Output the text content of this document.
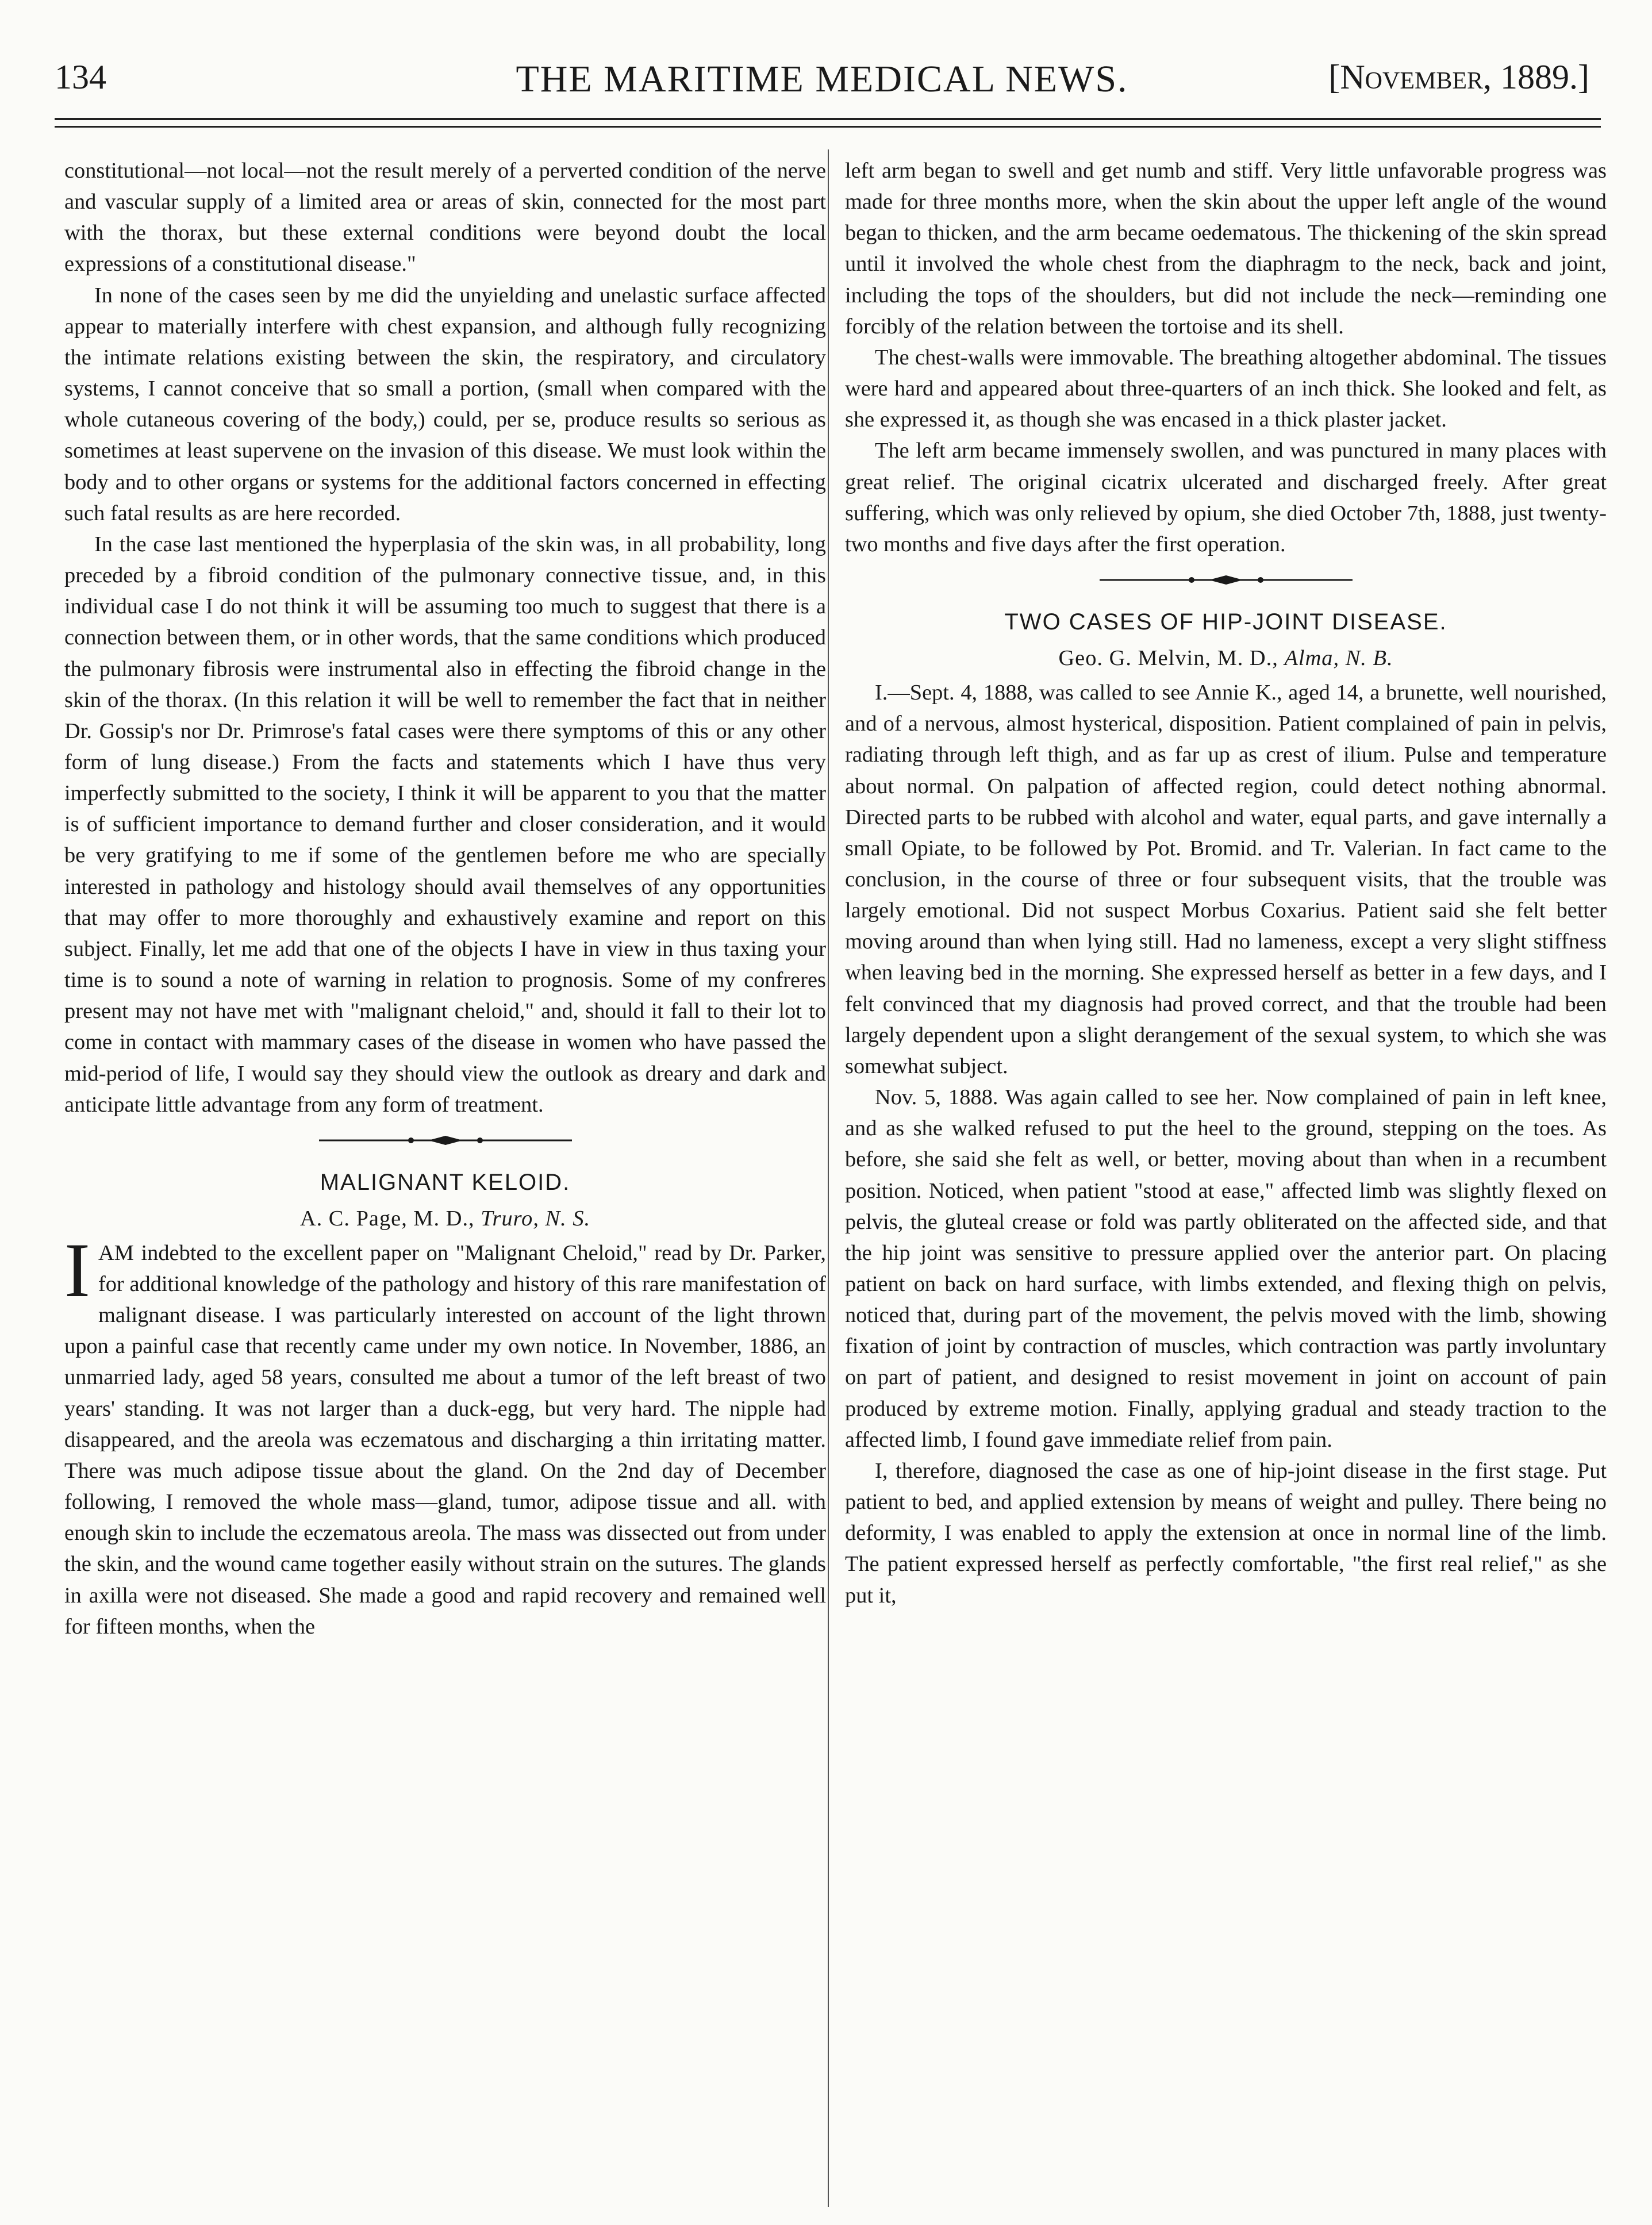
134	THE MARITIME MEDICAL NEWS.	[November, 1889.]

constitutional—not local—not the result merely of a perverted condition of the nerve and vascular supply of a limited area or areas of skin, connected for the most part with the thorax, but these external conditions were beyond doubt the local expressions of a constitutional disease."

In none of the cases seen by me did the unyielding and unelastic surface affected appear to materially interfere with chest expansion, and although fully recognizing the intimate relations existing between the skin, the respiratory, and circulatory systems, I cannot conceive that so small a portion, (small when compared with the whole cutaneous covering of the body,) could, per se, produce results so serious as sometimes at least supervene on the invasion of this disease. We must look within the body and to other organs or systems for the additional factors concerned in effecting such fatal results as are here recorded.

In the case last mentioned the hyperplasia of the skin was, in all probability, long preceded by a fibroid condition of the pulmonary connective tissue, and, in this individual case I do not think it will be assuming too much to suggest that there is a connection between them, or in other words, that the same conditions which produced the pulmonary fibrosis were instrumental also in effecting the fibroid change in the skin of the thorax. (In this relation it will be well to remember the fact that in neither Dr. Gossip's nor Dr. Primrose's fatal cases were there symptoms of this or any other form of lung disease.) From the facts and statements which I have thus very imperfectly submitted to the society, I think it will be apparent to you that the matter is of sufficient importance to demand further and closer consideration, and it would be very gratifying to me if some of the gentlemen before me who are specially interested in pathology and histology should avail themselves of any opportunities that may offer to more thoroughly and exhaustively examine and report on this subject. Finally, let me add that one of the objects I have in view in thus taxing your time is to sound a note of warning in relation to prognosis. Some of my confreres present may not have met with "malignant cheloid," and, should it fall to their lot to come in contact with mammary cases of the disease in women who have passed the mid-period of life, I would say they should view the outlook as dreary and dark and anticipate little advantage from any form of treatment.

MALIGNANT KELOID.
A. C. Page, M. D., Truro, N. S.

IAM indebted to the excellent paper on "Malignant Cheloid," read by Dr. Parker, for additional knowledge of the pathology and history of this rare manifestation of malignant disease. I was particularly interested on account of the light thrown upon a painful case that recently came under my own notice. In November, 1886, an unmarried lady, aged 58 years, consulted me about a tumor of the left breast of two years' standing. It was not larger than a duck-egg, but very hard. The nipple had disappeared, and the areola was eczematous and discharging a thin irritating matter. There was much adipose tissue about the gland. On the 2nd day of December following, I removed the whole mass—gland, tumor, adipose tissue and all. with enough skin to include the eczematous areola. The mass was dissected out from under the skin, and the wound came together easily without strain on the sutures. The glands in axilla were not diseased. She made a good and rapid recovery and remained well for fifteen months, when the

left arm began to swell and get numb and stiff. Very little unfavorable progress was made for three months more, when the skin about the upper left angle of the wound began to thicken, and the arm became oedematous. The thickening of the skin spread until it involved the whole chest from the diaphragm to the neck, back and joint, including the tops of the shoulders, but did not include the neck—reminding one forcibly of the relation between the tortoise and its shell.

The chest-walls were immovable. The breathing altogether abdominal. The tissues were hard and appeared about three-quarters of an inch thick. She looked and felt, as she expressed it, as though she was encased in a thick plaster jacket.

The left arm became immensely swollen, and was punctured in many places with great relief. The original cicatrix ulcerated and discharged freely. After great suffering, which was only relieved by opium, she died October 7th, 1888, just twenty-two months and five days after the first operation.

TWO CASES OF HIP-JOINT DISEASE.
Geo. G. Melvin, M. D., Alma, N. B.

I.—Sept. 4, 1888, was called to see Annie K., aged 14, a brunette, well nourished, and of a nervous, almost hysterical, disposition. Patient complained of pain in pelvis, radiating through left thigh, and as far up as crest of ilium. Pulse and temperature about normal. On palpation of affected region, could detect nothing abnormal. Directed parts to be rubbed with alcohol and water, equal parts, and gave internally a small Opiate, to be followed by Pot. Bromid. and Tr. Valerian. In fact came to the conclusion, in the course of three or four subsequent visits, that the trouble was largely emotional. Did not suspect Morbus Coxarius. Patient said she felt better moving around than when lying still. Had no lameness, except a very slight stiffness when leaving bed in the morning. She expressed herself as better in a few days, and I felt convinced that my diagnosis had proved correct, and that the trouble had been largely dependent upon a slight derangement of the sexual system, to which she was somewhat subject.

Nov. 5, 1888. Was again called to see her. Now complained of pain in left knee, and as she walked refused to put the heel to the ground, stepping on the toes. As before, she said she felt as well, or better, moving about than when in a recumbent position. Noticed, when patient "stood at ease," affected limb was slightly flexed on pelvis, the gluteal crease or fold was partly obliterated on the affected side, and that the hip joint was sensitive to pressure applied over the anterior part. On placing patient on back on hard surface, with limbs extended, and flexing thigh on pelvis, noticed that, during part of the movement, the pelvis moved with the limb, showing fixation of joint by contraction of muscles, which contraction was partly involuntary on part of patient, and designed to resist movement in joint on account of pain produced by extreme motion. Finally, applying gradual and steady traction to the affected limb, I found gave immediate relief from pain.

I, therefore, diagnosed the case as one of hip-joint disease in the first stage. Put patient to bed, and applied extension by means of weight and pulley. There being no deformity, I was enabled to apply the extension at once in normal line of the limb. The patient expressed herself as perfectly comfortable, "the first real relief," as she put it,
